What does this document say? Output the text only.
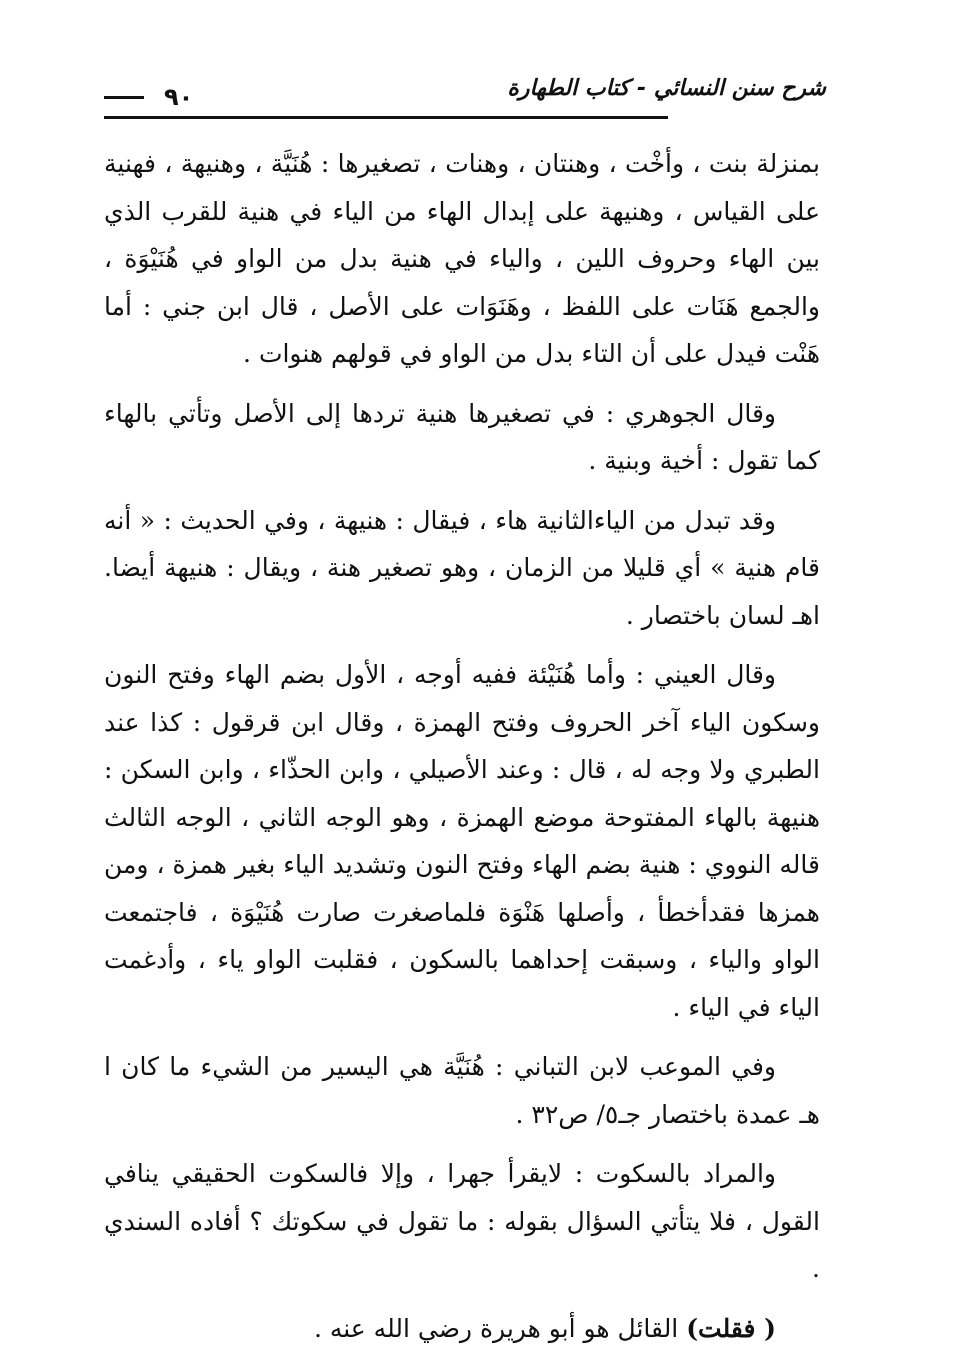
شرح سنن النسائي - كتاب الطهارة
٩٠

بمنزلة بنت ، وأخْت ، وهنتان ، وهنات ، تصغيرها : هُنَيَّة ، وهنيهة ، فهنية على القياس ، وهنيهة على إبدال الهاء من الياء في هنية للقرب الذي بين الهاء وحروف اللين ، والياء في هنية بدل من الواو في هُنَيْوَة ، والجمع هَنَات على اللفظ ، وهَنَوَات على الأصل ، قال ابن جني : أما هَنْت فيدل على أن التاء بدل من الواو في قولهم هنوات .

وقال الجوهري : في تصغيرها هنية تردها إلى الأصل وتأتي بالهاء كما تقول : أخية وبنية .

وقد تبدل من الياءالثانية هاء ، فيقال : هنيهة ، وفي الحديث : « أنه قام هنية » أي قليلا من الزمان ، وهو تصغير هنة ، ويقال : هنيهة أيضا. اهـ لسان باختصار .

وقال العيني : وأما هُنَيْئة ففيه أوجه ، الأول بضم الهاء وفتح النون وسكون الياء آخر الحروف وفتح الهمزة ، وقال ابن قرقول : كذا عند الطبري ولا وجه له ، قال : وعند الأصيلي ، وابن الحذّاء ، وابن السكن : هنيهة بالهاء المفتوحة موضع الهمزة ، وهو الوجه الثاني ، الوجه الثالث قاله النووي : هنية بضم الهاء وفتح النون وتشديد الياء بغير همزة ، ومن همزها فقدأخطأ ، وأصلها هَنْوَة فلماصغرت صارت هُنَيْوَة ، فاجتمعت الواو والياء ، وسبقت إحداهما بالسكون ، فقلبت الواو ياء ، وأدغمت الياء في الياء .

وفي الموعب لابن التباني : هُنَيَّة هي اليسير من الشيء ما كان ا هـ عمدة باختصار جـ٥/ ص٣٢ .

والمراد بالسكوت : لايقرأ جهرا ، وإلا فالسكوت الحقيقي ينافي القول ، فلا يتأتي السؤال بقوله : ما تقول في سكوتك ؟ أفاده السندي .

( فقلت) القائل هو أبو هريرة رضي الله عنه .
